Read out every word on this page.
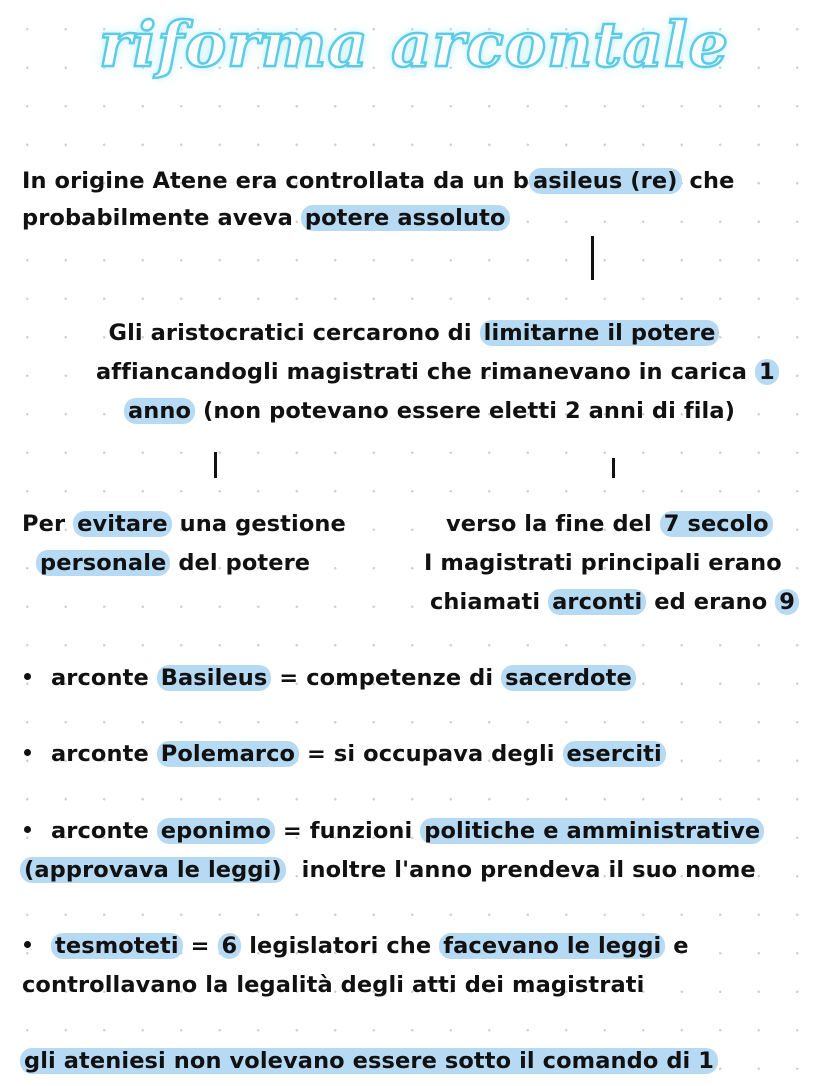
riforma arcontale
In origine Atene era controllata da un b asileus (re) che
probabilmente aveva potere assoluto
Gli aristocratici cercarono di limitarne il potere
affiancandogli magistrati che rimanevano in carica 1
anno (non potevano essere eletti 2 anni di fila)
Per evitare una gestione
personale del potere
verso la fine del 7 secolo
I magistrati principali erano
chiamati arconti ed erano 9
arconte Basileus = competenze di sacerdote
arconte Polemarco = si occupava degli eserciti
arconte eponimo = funzioni politiche e amministrative
(approvava le leggi)  inoltre l'anno prendeva il suo nome
tesmoteti = 6 legislatori che facevano le leggi e
controllavano la legalità degli atti dei magistrati
gli ateniesi non volevano essere sotto il comando di 1
